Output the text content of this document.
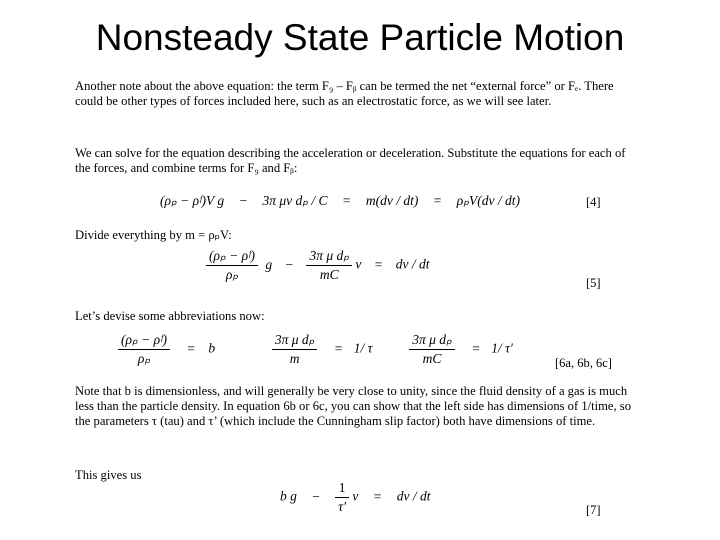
Nonsteady State Particle Motion
Another note about the above equation: the term F₉ – Fᵦ can be termed the net “external force” or Fₑ. There could be other types of forces included here, such as an electrostatic force, as we will see later.
We can solve for the equation describing the acceleration or deceleration. Substitute the equations for each of the forces, and combine terms for F₉ and Fᵦ:
(ρₚ − ρᶠ)V g − 3π μv dₚ / C = m(dv / dt) = ρₚV(dv / dt)	[4]
Divide everything by m = ρₚV:
$\frac{\text{(ρₚ − ρᶠ)}}{\text{ρₚ}}$ $g - \frac{\text{3π μ dₚ}}{mC}$ v = dv / dt
[5]
Let’s devise some abbreviations now:
$\frac{\text{(ρₚ − ρᶠ)}}{\text{ρₚ}} = b$	$\frac{\text{3π μ dₚ}}{m} = 1/$ τ	$\frac{\text{3π μ dₚ}}{mC} = 1/$ τ'
[6a, 6b, 6c]
Note that b is dimensionless, and will generally be very close to unity, since the fluid density of a gas is much less than the particle density. In equation 6b or 6c, you can show that the left side has dimensions of 1/time, so the parameters τ (tau) and τ’ (which include the Cunningham slip factor) both have dimensions of time.
This gives us
b $g - \frac{1}{\tau'}$ v = dv / dt
[7]
